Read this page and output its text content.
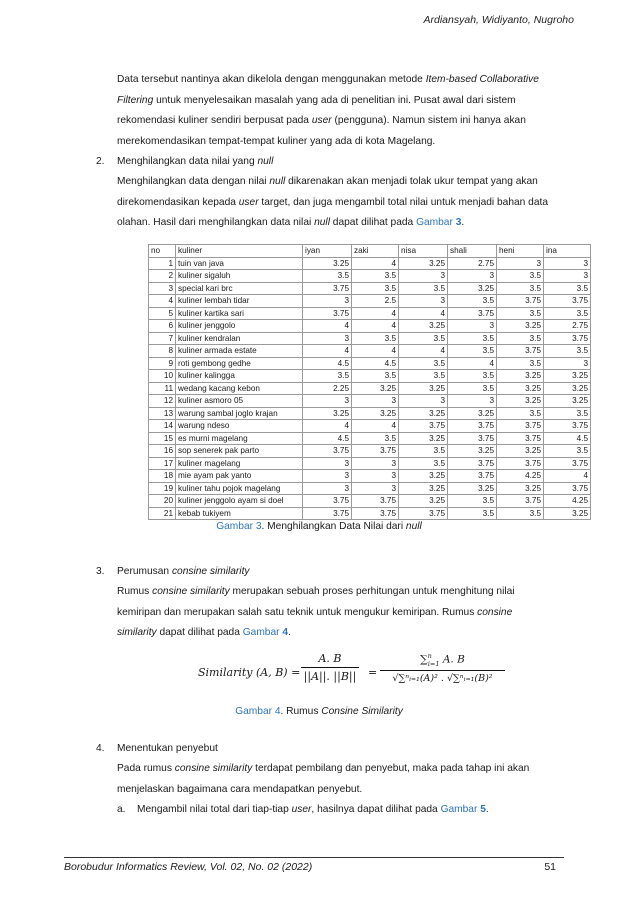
Ardiansyah, Widiyanto, Nugroho
Data tersebut nantinya akan dikelola dengan menggunakan metode Item-based Collaborative
Filtering untuk menyelesaikan masalah yang ada di penelitian ini. Pusat awal dari sistem
rekomendasi kuliner sendiri berpusat pada user (pengguna). Namun sistem ini hanya akan
merekomendasikan tempat-tempat kuliner yang ada di kota Magelang.
2. Menghilangkan data nilai yang null
Menghilangkan data dengan nilai null dikarenakan akan menjadi tolak ukur tempat yang akan
direkomendasikan kepada user target, dan juga mengambil total nilai untuk menjadi bahan data
olahan. Hasil dari menghilangkan data nilai null dapat dilihat pada Gambar 3.
no	kuliner	iyan	zaki	nisa	shali	heni	ina
1	tuin van java	3.25	4	3.25	2.75	3	3
2	kuliner sigaluh	3.5	3.5	3	3	3.5	3
3	special kari brc	3.75	3.5	3.5	3.25	3.5	3.5
4	kuliner lembah tidar	3	2.5	3	3.5	3.75	3.75
5	kuliner kartika sari	3.75	4	4	3.75	3.5	3.5
6	kuliner jenggolo	4	4	3.25	3	3.25	2.75
7	kuliner kendralan	3	3.5	3.5	3.5	3.5	3.75
8	kuliner armada estate	4	4	4	3.5	3.75	3.5
9	roti gembong gedhe	4.5	4.5	3.5	4	3.5	3
10	kuliner kalingga	3.5	3.5	3.5	3.5	3.25	3.25
11	wedang kacang kebon	2.25	3.25	3.25	3.5	3.25	3.25
12	kuliner asmoro 05	3	3	3	3	3.25	3.25
13	warung sambal joglo krajan	3.25	3.25	3.25	3.25	3.5	3.5
14	warung ndeso	4	4	3.75	3.75	3.75	3.75
15	es murni magelang	4.5	3.5	3.25	3.75	3.75	4.5
16	sop senerek pak parto	3.75	3.75	3.5	3.25	3.25	3.5
17	kuliner magelang	3	3	3.5	3.75	3.75	3.75
18	mie ayam pak yanto	3	3	3.25	3.75	4.25	4
19	kuliner tahu pojok magelang	3	3	3.25	3.25	3.25	3.75
20	kuliner jenggolo ayam si doel	3.75	3.75	3.25	3.5	3.75	4.25
21	kebab tukiyem	3.75	3.75	3.75	3.5	3.5	3.25
Gambar 3. Menghilangkan Data Nilai dari null
3. Perumusan consine similarity
Rumus consine similarity merupakan sebuah proses perhitungan untuk menghitung nilai
kemiripan dan merupakan salah satu teknik untuk mengukur kemiripan. Rumus consine
similarity dapat dilihat pada Gambar 4.
Similarity (A, B) =
A. B
||A||. ||B|| =
∑$^n_{i=1}$ A. B
√∑ⁿᵢ₌₁(A)² . √∑ⁿᵢ₌₁(B)²
Gambar 4. Rumus Consine Similarity
4. Menentukan penyebut
Pada rumus consine similarity terdapat pembilang dan penyebut, maka pada tahap ini akan
menjelaskan bagaimana cara mendapatkan penyebut.
a. Mengambil nilai total dari tiap-tiap user, hasilnya dapat dilihat pada Gambar 5.
Borobudur Informatics Review, Vol. 02, No. 02 (2022)	51
